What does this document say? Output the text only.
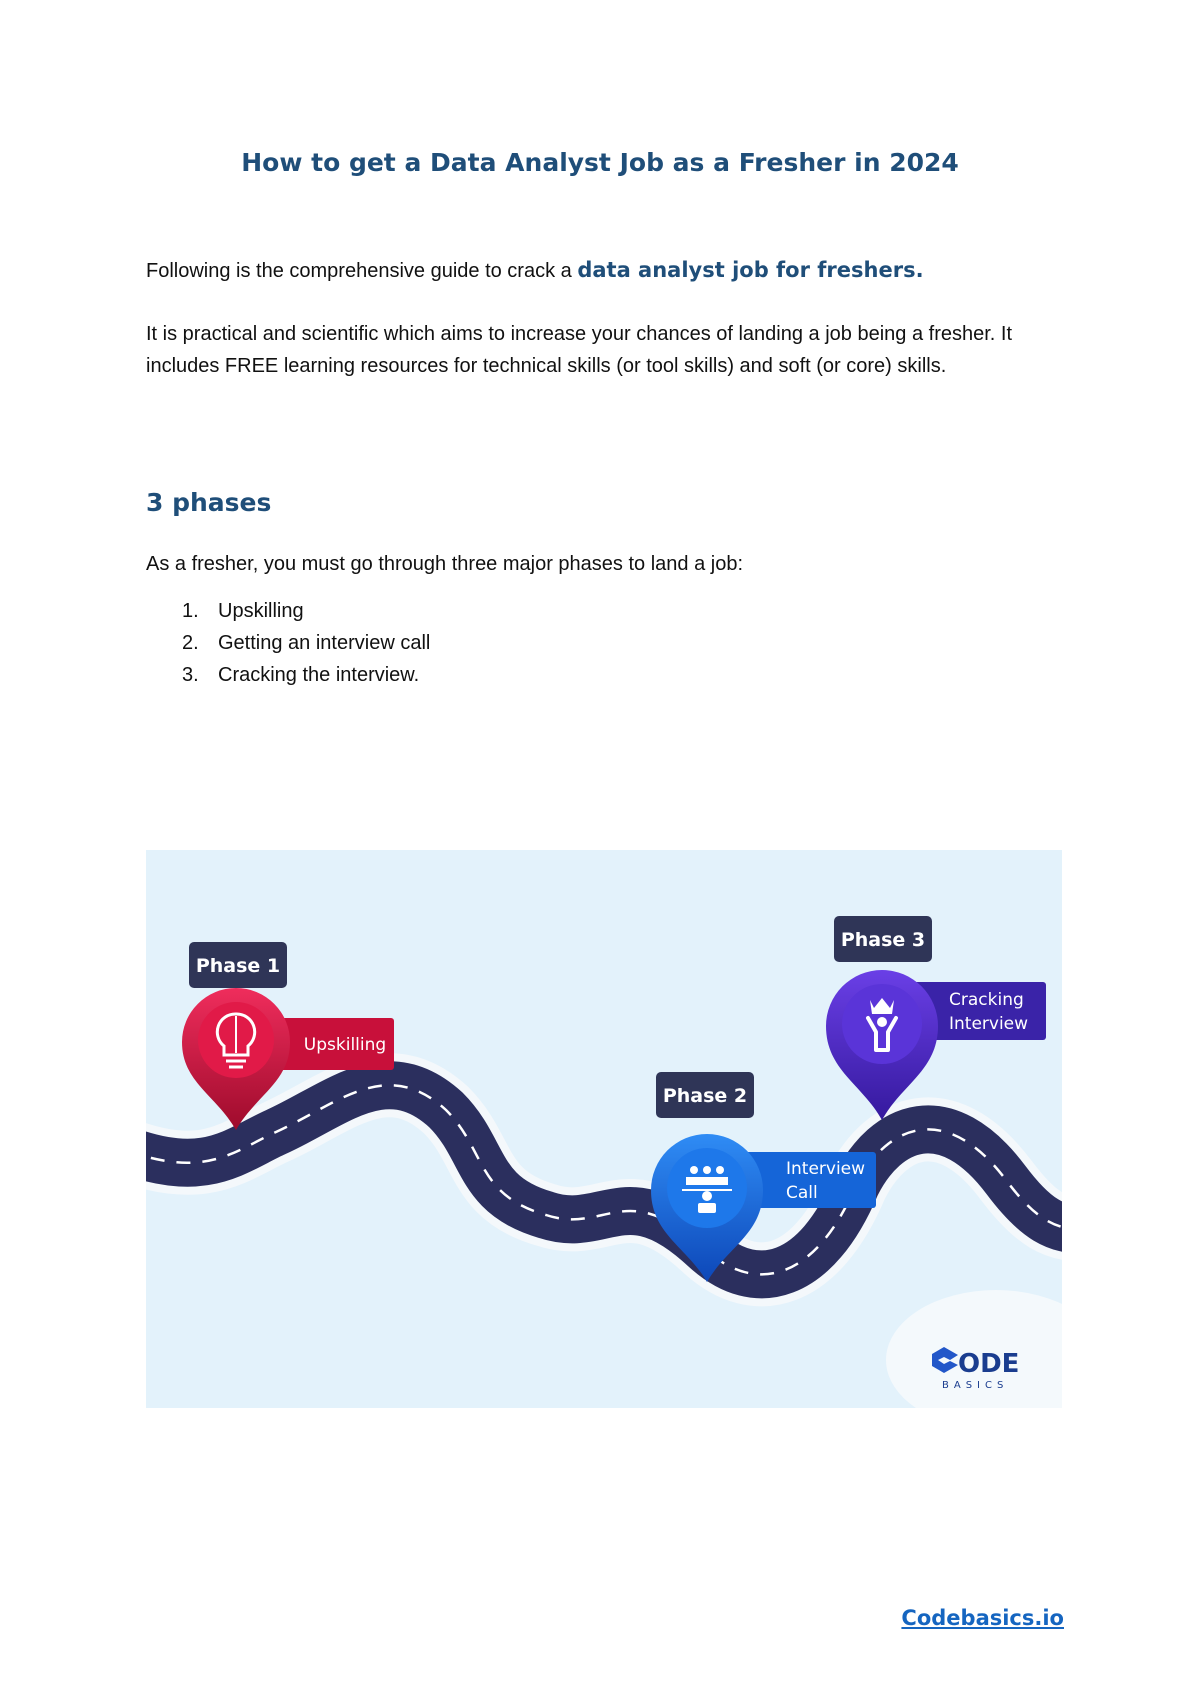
How to get a Data Analyst Job as a Fresher in 2024

Following is the comprehensive guide to crack a data analyst job for freshers.

It is practical and scientific which aims to increase your chances of landing a job being a fresher. It includes FREE learning resources for technical skills (or tool skills) and soft (or core) skills.

3 phases

As a fresher, you must go through three major phases to land a job:

1. Upskilling
2. Getting an interview call
3. Cracking the interview.
Phase 1
Upskilling
Phase 2
Interview
Call
Phase 3
Cracking
Interview
ODE
BASICS
Codebasics.io
